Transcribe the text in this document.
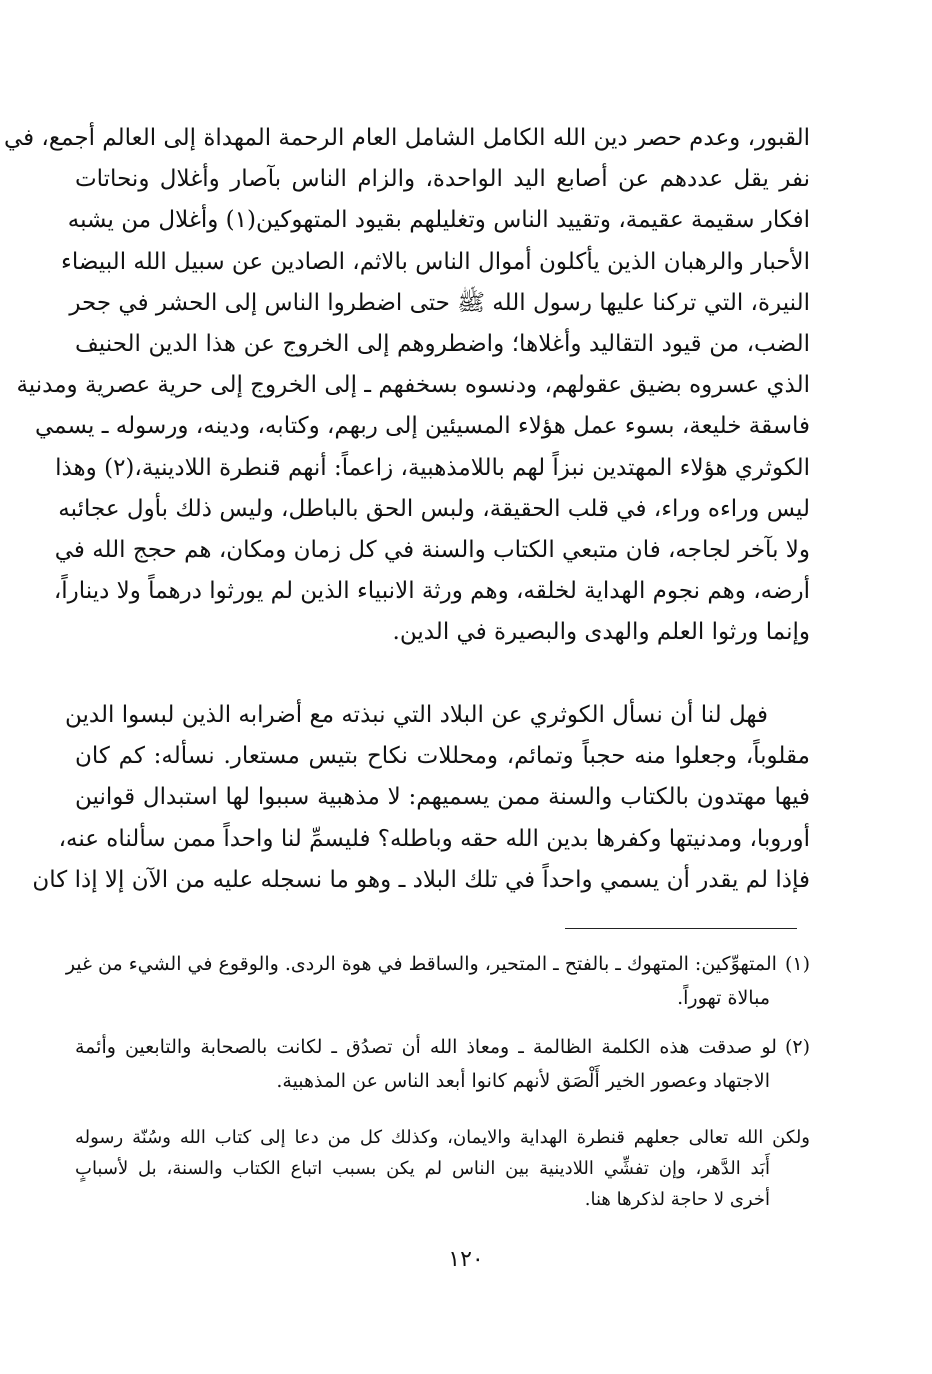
القبور، وعدم حصر دين الله الكامل الشامل العام الرحمة المهداة إلى العالم أجمع، في
نفر يقل عددهم عن أصابع اليد الواحدة، والزام الناس بآصار وأغلال ونحاتات
افكار سقيمة عقيمة، وتقييد الناس وتغليلهم بقيود المتهوكين(١) وأغلال من يشبه
الأحبار والرهبان الذين يأكلون أموال الناس بالاثم، الصادين عن سبيل الله البيضاء
النيرة، التي تركنا عليها رسول الله ﷺ حتى اضطروا الناس إلى الحشر في جحر
الضب، من قيود التقاليد وأغلاها؛ واضطروهم إلى الخروج عن هذا الدين الحنيف
الذي عسروه بضيق عقولهم، ودنسوه بسخفهم ـ إلى الخروج إلى حرية عصرية ومدنية
فاسقة خليعة، بسوء عمل هؤلاء المسيئين إلى ربهم، وكتابه، ودينه، ورسوله ـ يسمي
الكوثري هؤلاء المهتدين نبزاً لهم باللامذهبية، زاعماً: أنهم قنطرة اللادينية،(٢) وهذا
ليس وراءه وراء، في قلب الحقيقة، ولبس الحق بالباطل، وليس ذلك بأول عجائبه
ولا بآخر لجاجه، فان متبعي الكتاب والسنة في كل زمان ومكان، هم حجج الله في
أرضه، وهم نجوم الهداية لخلقه، وهم ورثة الانبياء الذين لم يورثوا درهماً ولا ديناراً،
وإنما ورثوا العلم والهدى والبصيرة في الدين.
فهل لنا أن نسأل الكوثري عن البلاد التي نبذته مع أضرابه الذين لبسوا الدين
مقلوباً، وجعلوا منه حجباً وتمائم، ومحللات نكاح بتيس مستعار. نسأله: كم كان
فيها مهتدون بالكتاب والسنة ممن يسميهم: لا مذهبية سببوا لها استبدال قوانين
أوروبا، ومدنيتها وكفرها بدين الله حقه وباطله؟ فليسمِّ لنا واحداً ممن سألناه عنه،
فإذا لم يقدر أن يسمي واحداً في تلك البلاد ـ وهو ما نسجله عليه من الآن إلا إذا كان
(١)المتهوِّكين: المتهوك ـ بالفتح ـ المتحير، والساقط في هوة الردى. والوقوع في الشيء من غير
مبالاة تهوراً.
(٢)لو صدقت هذه الكلمة الظالمة ـ ومعاذ الله أن تصدُق ـ لكانت بالصحابة والتابعين وأئمة
الاجتهاد وعصور الخير أَلْصَق لأنهم كانوا أبعد الناس عن المذهبية.
ولكن الله تعالى جعلهم قنطرة الهداية والايمان، وكذلك كل من دعا إلى كتاب الله وسُنّة رسوله
أَبَد الدَّهر، وإن تفشِّي اللادينية بين الناس لم يكن بسبب اتباع الكتاب والسنة، بل لأسبابٍ
أخرى لا حاجة لذكرها هنا.
١٢٠
